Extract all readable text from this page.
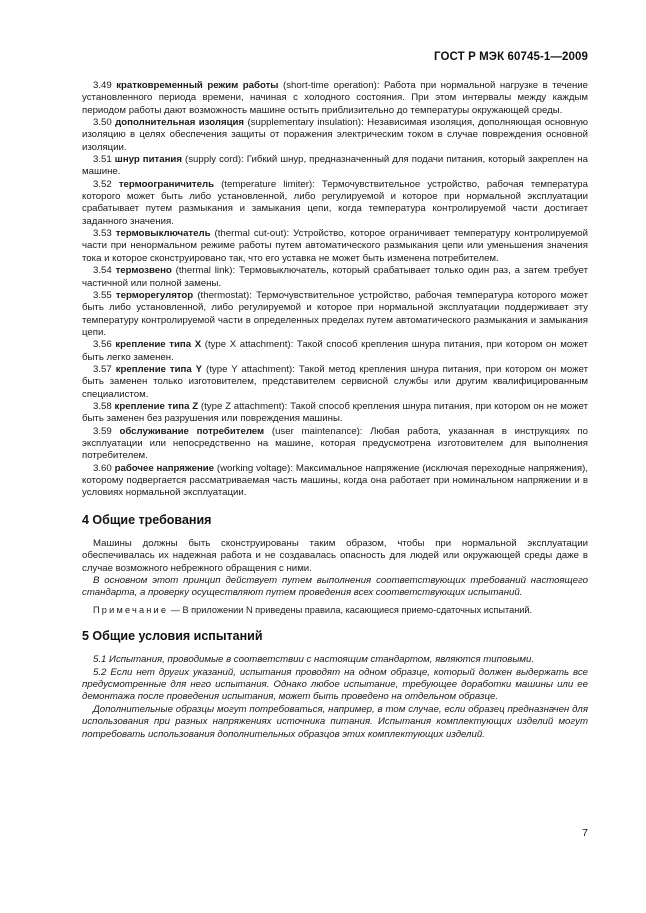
ГОСТ Р МЭК 60745-1—2009

3.49 кратковременный режим работы (short-time operation): Работа при нормальной нагрузке в течение установленного периода времени, начиная с холодного состояния. При этом интервалы между каждым периодом работы дают возможность машине остыть приблизительно до температуры окружающей среды.

3.50 дополнительная изоляция (supplementary insulation): Независимая изоляция, дополняющая основную изоляцию в целях обеспечения защиты от поражения электрическим током в случае повреждения основной изоляции.

3.51 шнур питания (supply cord): Гибкий шнур, предназначенный для подачи питания, который закреплен на машине.

3.52 термоограничитель (temperature limiter): Термочувствительное устройство, рабочая температура которого может быть либо установленной, либо регулируемой и которое при нормальной эксплуатации срабатывает путем размыкания и замыкания цепи, когда температура контролируемой части достигает заданного значения.

3.53 термовыключатель (thermal cut-out): Устройство, которое ограничивает температуру контролируемой части при ненормальном режиме работы путем автоматического размыкания цепи или уменьшения значения тока и которое сконструировано так, что его уставка не может быть изменена потребителем.

3.54 термозвено (thermal link): Термовыключатель, который срабатывает только один раз, а затем требует частичной или полной замены.

3.55 терморегулятор (thermostat): Термочувствительное устройство, рабочая температура которого может быть либо установленной, либо регулируемой и которое при нормальной эксплуатации поддерживает эту температуру контролируемой части в определенных пределах путем автоматического размыкания и замыкания цепи.

3.56 крепление типа X (type X attachment): Такой способ крепления шнура питания, при котором он может быть легко заменен.

3.57 крепление типа Y (type Y attachment): Такой метод крепления шнура питания, при котором он может быть заменен только изготовителем, представителем сервисной службы или другим квалифицированным специалистом.

3.58 крепление типа Z (type Z attachment): Такой способ крепления шнура питания, при котором он не может быть заменен без разрушения или повреждения машины.

3.59 обслуживание потребителем (user maintenance): Любая работа, указанная в инструкциях по эксплуатации или непосредственно на машине, которая предусмотрена изготовителем для выполнения потребителем.

3.60 рабочее напряжение (working voltage): Максимальное напряжение (исключая переходные напряжения), которому подвергается рассматриваемая часть машины, когда она работает при номинальном напряжении и в условиях нормальной эксплуатации.

4 Общие требования

Машины должны быть сконструированы таким образом, чтобы при нормальной эксплуатации обеспечивалась их надежная работа и не создавалась опасность для людей или окружающей среды даже в случае возможного небрежного обращения с ними.

В основном этот принцип действует путем выполнения соответствующих требований настоящего стандарта, а проверку осуществляют путем проведения всех соответствующих испытаний.

Примечание — В приложении N приведены правила, касающиеся приемо-сдаточных испытаний.

5 Общие условия испытаний

5.1 Испытания, проводимые в соответствии с настоящим стандартом, являются типовыми.

5.2 Если нет других указаний, испытания проводят на одном образце, который должен выдержать все предусмотренные для него испытания. Однако любое испытание, требующее доработки машины или ее демонтажа после проведения испытания, может быть проведено на отдельном образце.

Дополнительные образцы могут потребоваться, например, в том случае, если образец предназначен для использования при разных напряжениях источника питания. Испытания комплектующих изделий могут потребовать использования дополнительных образцов этих комплектующих изделий.

7
